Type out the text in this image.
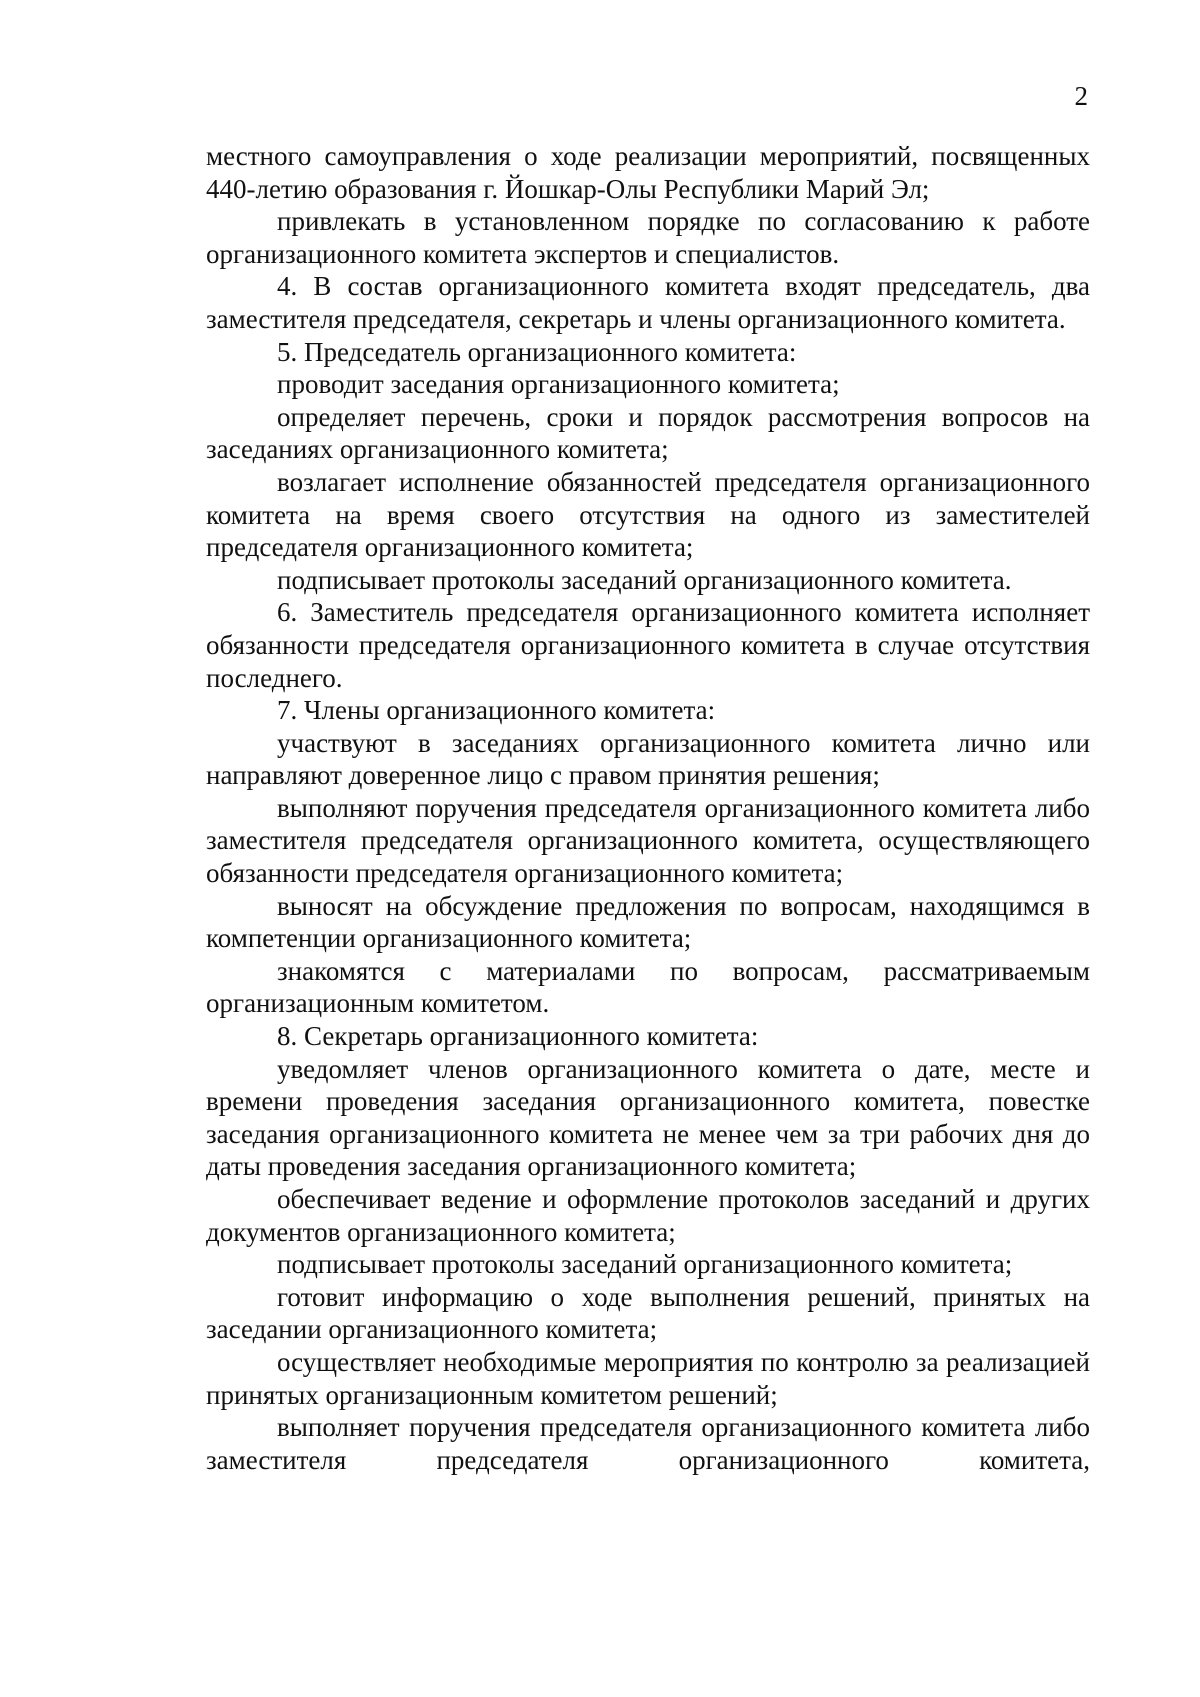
2

местного самоуправления о ходе реализации мероприятий, посвященных 440-летию образования г. Йошкар-Олы Республики Марий Эл;

привлекать в установленном порядке по согласованию к работе организационного комитета экспертов и специалистов.

4. В состав организационного комитета входят председатель, два заместителя председателя, секретарь и члены организационного комитета.

5. Председатель организационного комитета:

проводит заседания организационного комитета;

определяет перечень, сроки и порядок рассмотрения вопросов на заседаниях организационного комитета;

возлагает исполнение обязанностей председателя организационного комитета на время своего отсутствия на одного из заместителей председателя организационного комитета;

подписывает протоколы заседаний организационного комитета.

6. Заместитель председателя организационного комитета исполняет обязанности председателя организационного комитета в случае отсутствия последнего.

7. Члены организационного комитета:

участвуют в заседаниях организационного комитета лично или направляют доверенное лицо с правом принятия решения;

выполняют поручения председателя организационного комитета либо заместителя председателя организационного комитета, осуществляющего обязанности председателя организационного комитета;

выносят на обсуждение предложения по вопросам, находящимся в компетенции организационного комитета;

знакомятся с материалами по вопросам, рассматриваемым организационным комитетом.

8. Секретарь организационного комитета:

уведомляет членов организационного комитета о дате, месте и времени проведения заседания организационного комитета, повестке заседания организационного комитета не менее чем за три рабочих дня до даты проведения заседания организационного комитета;

обеспечивает ведение и оформление протоколов заседаний и других документов организационного комитета;

подписывает протоколы заседаний организационного комитета;

готовит информацию о ходе выполнения решений, принятых на заседании организационного комитета;

осуществляет необходимые мероприятия по контролю за реализацией принятых организационным комитетом решений;

выполняет поручения председателя организационного комитета либо заместителя председателя организационного комитета,
